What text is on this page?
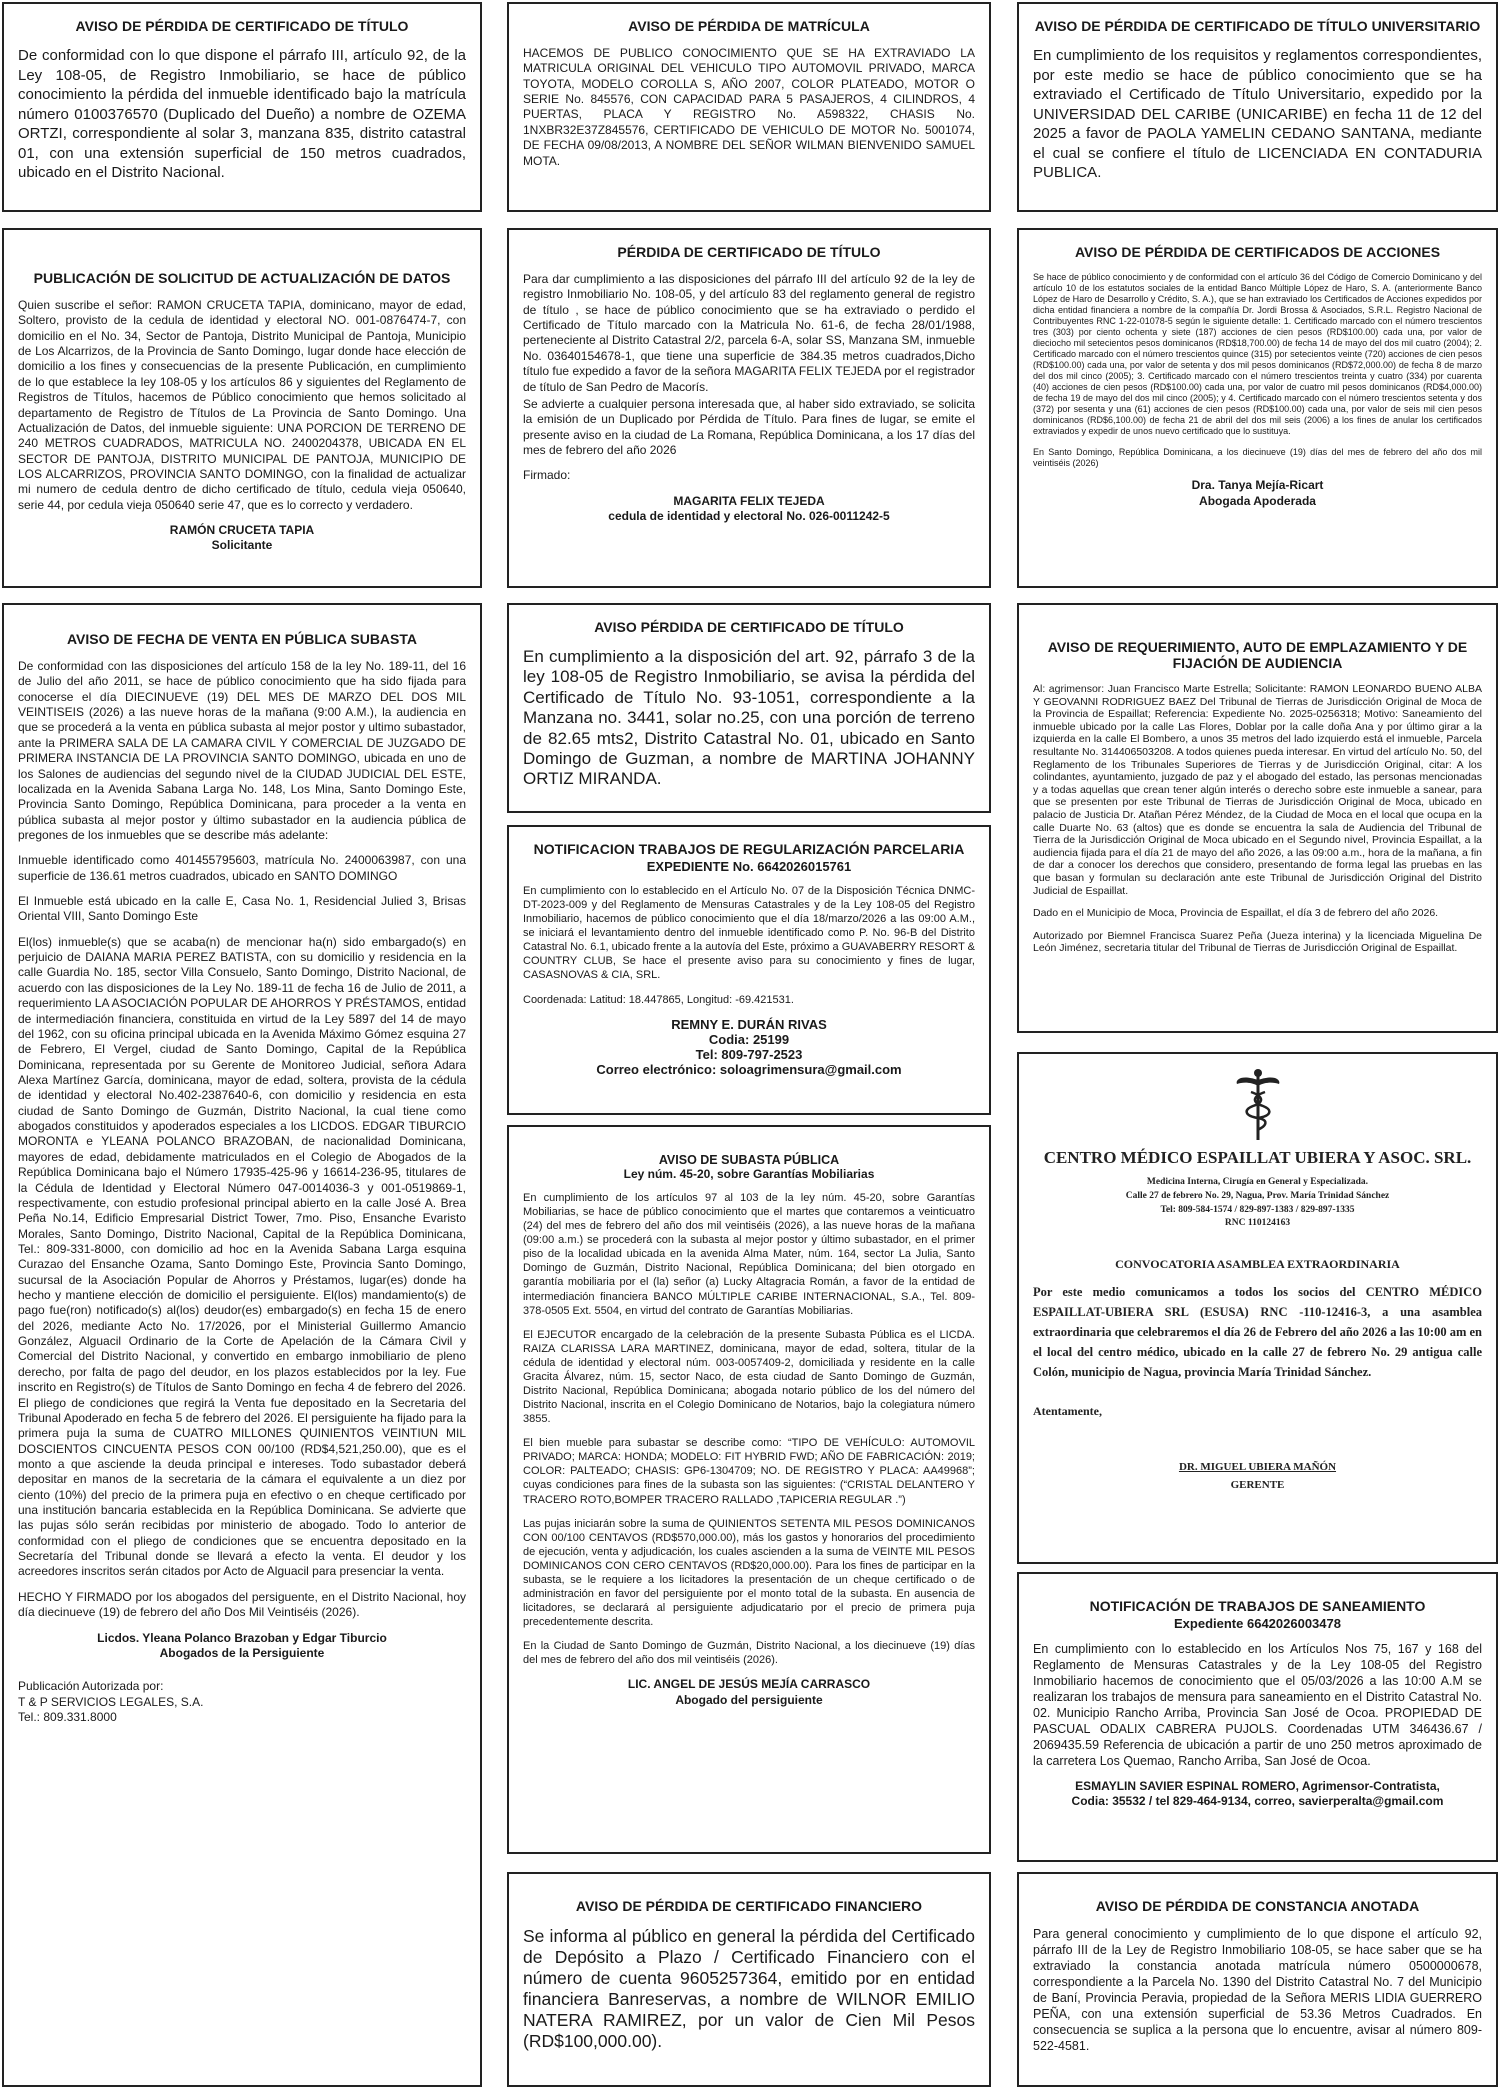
AVISO DE PÉRDIDA DE CERTIFICADO DE TÍTULO
De conformidad con lo que dispone el párrafo III, artículo 92, de la Ley 108-05, de Registro Inmobiliario, se hace de público conocimiento la pérdida del inmueble identificado bajo la matrícula número 0100376570 (Duplicado del Dueño) a nombre de OZEMA ORTZI, correspondiente al solar 3, manzana 835, distrito catastral 01, con una extensión superficial de 150 metros cuadrados, ubicado en el Distrito Nacional.
AVISO DE PÉRDIDA DE MATRÍCULA
HACEMOS DE PUBLICO CONOCIMIENTO QUE SE HA EXTRAVIADO LA MATRICULA ORIGINAL DEL VEHICULO TIPO AUTOMOVIL PRIVADO, MARCA TOYOTA, MODELO COROLLA S, AÑO 2007, COLOR PLATEADO, MOTOR O SERIE No. 845576, CON CAPACIDAD PARA 5 PASAJEROS, 4 CILINDROS, 4 PUERTAS, PLACA Y REGISTRO No. A598322, CHASIS No. 1NXBR32E37Z845576, CERTIFICADO DE VEHICULO DE MOTOR No. 5001074, DE FECHA 09/08/2013, A NOMBRE DEL SEÑOR WILMAN BIENVENIDO SAMUEL MOTA.
AVISO DE PÉRDIDA DE CERTIFICADO DE TÍTULO UNIVERSITARIO
En cumplimiento de los requisitos y reglamentos correspondientes, por este medio se hace de público conocimiento que se ha extraviado el Certificado de Título Universitario, expedido por la UNIVERSIDAD DEL CARIBE (UNICARIBE) en fecha 11 de 12 del 2025 a favor de PAOLA YAMELIN CEDANO SANTANA, mediante el cual se confiere el título de LICENCIADA EN CONTADURIA PUBLICA.
PUBLICACIÓN DE SOLICITUD DE ACTUALIZACIÓN DE DATOS
Quien suscribe el señor: RAMON CRUCETA TAPIA, dominicano, mayor de edad, Soltero, provisto de la cedula de identidad y electoral NO. 001-0876474-7, con domicilio en el No. 34, Sector de Pantoja, Distrito Municipal de Pantoja, Municipio de Los Alcarrizos, de la Provincia de Santo Domingo, lugar donde hace elección de domicilio a los fines y consecuencias de la presente Publicación, en cumplimiento de lo que establece la ley 108-05 y los artículos 86 y siguientes del Reglamento de Registros de Títulos, hacemos de Público conocimiento que hemos solicitado al departamento de Registro de Títulos de La Provincia de Santo Domingo. Una Actualización de Datos, del inmueble siguiente: UNA PORCION DE TERRENO DE 240 METROS CUADRADOS, MATRICULA NO. 2400204378, UBICADA EN EL SECTOR DE PANTOJA, DISTRITO MUNICIPAL DE PANTOJA, MUNICIPIO DE LOS ALCARRIZOS, PROVINCIA SANTO DOMINGO, con la finalidad de actualizar mi numero de cedula dentro de dicho certificado de título, cedula vieja 050640, serie 44, por cedula vieja 050640 serie 47, que es lo correcto y verdadero.
RAMÓN CRUCETA TAPIA
Solicitante
PÉRDIDA DE CERTIFICADO DE TÍTULO
Para dar cumplimiento a las disposiciones del párrafo III del artículo 92 de la ley de registro Inmobiliario No. 108-05, y del artículo 83 del reglamento general de registro de título , se hace de público conocimiento que se ha extraviado o perdido el Certificado de Título marcado con la Matricula No. 61-6, de fecha 28/01/1988, perteneciente al Distrito Catastral 2/2, parcela 6-A, solar SS, Manzana SM, inmueble No. 03640154678-1, que tiene una superficie de 384.35 metros cuadrados,Dicho título fue expedido a favor de la señora MAGARITA FELIX TEJEDA por el registrador de título de San Pedro de Macorís.
Se advierte a cualquier persona interesada que, al haber sido extraviado, se solicita la emisión de un Duplicado por Pérdida de Título. Para fines de lugar, se emite el presente aviso en la ciudad de La Romana, República Dominicana, a los 17 días del mes de febrero del año 2026
Firmado:
MAGARITA FELIX TEJEDA
cedula de identidad y electoral No. 026-0011242-5
AVISO DE PÉRDIDA DE CERTIFICADOS DE ACCIONES
Se hace de público conocimiento y de conformidad con el artículo 36 del Código de Comercio Dominicano y del artículo 10 de los estatutos sociales de la entidad Banco Múltiple López de Haro, S. A. (anteriormente Banco López de Haro de Desarrollo y Crédito, S. A.), que se han extraviado los Certificados de Acciones expedidos por dicha entidad financiera a nombre de la compañía Dr. Jordi Brossa & Asociados, S.R.L. Registro Nacional de Contribuyentes RNC 1-22-01078-5 según le siguiente detalle: 1. Certificado marcado con el número trescientos tres (303) por ciento ochenta y siete (187) acciones de cien pesos (RD$100.00) cada una, por valor de dieciocho mil setecientos pesos dominicanos (RD$18,700.00) de fecha 14 de mayo del dos mil cuatro (2004); 2. Certificado marcado con el número trescientos quince (315) por setecientos veinte (720) acciones de cien pesos (RD$100.00) cada una, por valor de setenta y dos mil pesos dominicanos (RD$72,000.00) de fecha 8 de marzo del dos mil cinco (2005); 3. Certificado marcado con el número trescientos treinta y cuatro (334) por cuarenta (40) acciones de cien pesos (RD$100.00) cada una, por valor de cuatro mil pesos dominicanos (RD$4,000.00) de fecha 19 de mayo del dos mil cinco (2005); y 4. Certificado marcado con el número trescientos setenta y dos (372) por sesenta y una (61) acciones de cien pesos (RD$100.00) cada una, por valor de seis mil cien pesos dominicanos (RD$6,100.00) de fecha 21 de abril del dos mil seis (2006) a los fines de anular los certificados extraviados y expedir de unos nuevo certificado que lo sustituya.
En Santo Domingo, República Dominicana, a los diecinueve (19) días del mes de febrero del año dos mil veintiséis (2026)
Dra. Tanya Mejía-Ricart
Abogada Apoderada
AVISO DE FECHA DE VENTA EN PÚBLICA SUBASTA
De conformidad con las disposiciones del artículo 158 de la ley No. 189-11, del 16 de Julio del año 2011, se hace de público conocimiento que ha sido fijada para conocerse el día DIECINUEVE (19) DEL MES DE MARZO DEL DOS MIL VEINTISEIS (2026) a las nueve horas de la mañana (9:00 A.M.), la audiencia en que se procederá a la venta en pública subasta al mejor postor y ultimo subastador, ante la PRIMERA SALA DE LA CAMARA CIVIL Y COMERCIAL DE JUZGADO DE PRIMERA INSTANCIA DE LA PROVINCIA SANTO DOMINGO, ubicada en uno de los Salones de audiencias del segundo nivel de la CIUDAD JUDICIAL DEL ESTE, localizada en la Avenida Sabana Larga No. 148, Los Mina, Santo Domingo Este, Provincia Santo Domingo, República Dominicana, para proceder a la venta en pública subasta al mejor postor y último subastador en la audiencia pública de pregones de los inmuebles que se describe más adelante:
Inmueble identificado como 401455795603, matrícula No. 2400063987, con una superficie de 136.61 metros cuadrados, ubicado en SANTO DOMINGO
El Inmueble está ubicado en la calle E, Casa No. 1, Residencial Julied 3, Brisas Oriental VIII, Santo Domingo Este
El(los) inmueble(s) que se acaba(n) de mencionar ha(n) sido embargado(s) en perjuicio de DAIANA MARIA PEREZ BATISTA, con su domicilio y residencia en la calle Guardia No. 185, sector Villa Consuelo, Santo Domingo, Distrito Nacional, de acuerdo con las disposiciones de la Ley No. 189-11 de fecha 16 de Julio de 2011, a requerimiento LA ASOCIACIÓN POPULAR DE AHORROS Y PRÉSTAMOS, entidad de intermediación financiera, constituida en virtud de la Ley 5897 del 14 de mayo del 1962, con su oficina principal ubicada en la Avenida Máximo Gómez esquina 27 de Febrero, El Vergel, ciudad de Santo Domingo, Capital de la República Dominicana, representada por su Gerente de Monitoreo Judicial, señora Adara Alexa Martínez García, dominicana, mayor de edad, soltera, provista de la cédula de identidad y electoral No.402-2387640-6, con domicilio y residencia en esta ciudad de Santo Domingo de Guzmán, Distrito Nacional, la cual tiene como abogados constituidos y apoderados especiales a los LICDOS. EDGAR TIBURCIO MORONTA e YLEANA POLANCO BRAZOBAN, de nacionalidad Dominicana, mayores de edad, debidamente matriculados en el Colegio de Abogados de la República Dominicana bajo el Número 17935-425-96 y 16614-236-95, titulares de la Cédula de Identidad y Electoral Número 047-0014036-3 y 001-0519869-1, respectivamente, con estudio profesional principal abierto en la calle José A. Brea Peña No.14, Edificio Empresarial District Tower, 7mo. Piso, Ensanche Evaristo Morales, Santo Domingo, Distrito Nacional, Capital de la República Dominicana, Tel.: 809-331-8000, con domicilio ad hoc en la Avenida Sabana Larga esquina Curazao del Ensanche Ozama, Santo Domingo Este, Provincia Santo Domingo, sucursal de la Asociación Popular de Ahorros y Préstamos, lugar(es) donde ha hecho y mantiene elección de domicilio el persiguiente. El(los) mandamiento(s) de pago fue(ron) notificado(s) al(los) deudor(es) embargado(s) en fecha 15 de enero del 2026, mediante Acto No. 17/2026, por el Ministerial Guillermo Amancio González, Alguacil Ordinario de la Corte de Apelación de la Cámara Civil y Comercial del Distrito Nacional, y convertido en embargo inmobiliario de pleno derecho, por falta de pago del deudor, en los plazos establecidos por la ley. Fue inscrito en Registro(s) de Títulos de Santo Domingo en fecha 4 de febrero del 2026. El pliego de condiciones que regirá la Venta fue depositado en la Secretaria del Tribunal Apoderado en fecha 5 de febrero del 2026. El persiguiente ha fijado para la primera puja la suma de CUATRO MILLONES QUINIENTOS VEINTIUN MIL DOSCIENTOS CINCUENTA PESOS CON 00/100 (RD$4,521,250.00), que es el monto a que asciende la deuda principal e intereses. Todo subastador deberá depositar en manos de la secretaria de la cámara el equivalente a un diez por ciento (10%) del precio de la primera puja en efectivo o en cheque certificado por una institución bancaria establecida en la República Dominicana. Se advierte que las pujas sólo serán recibidas por ministerio de abogado. Todo lo anterior de conformidad con el pliego de condiciones que se encuentra depositado en la Secretaría del Tribunal donde se llevará a efecto la venta. El deudor y los acreedores inscritos serán citados por Acto de Alguacil para presenciar la venta.
HECHO Y FIRMADO por los abogados del persiguente, en el Distrito Nacional, hoy día diecinueve (19) de febrero del año Dos Mil Veintiséis (2026).
Licdos. Yleana Polanco Brazoban y Edgar Tiburcio
Abogados de la Persiguiente
Publicación Autorizada por:
T & P SERVICIOS LEGALES, S.A.
Tel.: 809.331.8000
AVISO PÉRDIDA DE CERTIFICADO DE TÍTULO
En cumplimiento a la disposición del art. 92, párrafo 3 de la ley 108-05 de Registro Inmobiliario, se avisa la pérdida del Certificado de Título No. 93-1051, correspondiente a la Manzana no. 3441, solar no.25, con una porción de terreno de 82.65 mts2, Distrito Catastral No. 01, ubicado en Santo Domingo de Guzman, a nombre de MARTINA JOHANNY ORTIZ MIRANDA.
NOTIFICACION TRABAJOS DE REGULARIZACIÓN PARCELARIA
EXPEDIENTE No. 6642026015761
En cumplimiento con lo establecido en el Artículo No. 07 de la Disposición Técnica DNMC-DT-2023-009 y del Reglamento de Mensuras Catastrales y de la Ley 108-05 del Registro Inmobiliario, hacemos de público conocimiento que el día 18/marzo/2026 a las 09:00 A.M., se iniciará el levantamiento dentro del inmueble identificado como P. No. 96-B del Distrito Catastral No. 6.1, ubicado frente a la autovía del Este, próximo a GUAVABERRY RESORT & COUNTRY CLUB, Se hace el presente aviso para su conocimiento y fines de lugar, CASASNOVAS & CIA, SRL.
Coordenada: Latitud: 18.447865, Longitud: -69.421531.
REMNY E. DURÁN RIVAS
Codia: 25199
Tel: 809-797-2523
Correo electrónico: soloagrimensura@gmail.com
AVISO DE SUBASTA PÚBLICA
Ley núm. 45-20, sobre Garantías Mobiliarias
En cumplimiento de los artículos 97 al 103 de la ley núm. 45-20, sobre Garantías Mobiliarias, se hace de público conocimiento que el martes que contaremos a veinticuatro (24) del mes de febrero del año dos mil veintiséis (2026), a las nueve horas de la mañana (09:00 a.m.) se procederá con la subasta al mejor postor y último subastador, en el primer piso de la localidad ubicada en la avenida Alma Mater, núm. 164, sector La Julia, Santo Domingo de Guzmán, Distrito Nacional, República Dominicana; del bien otorgado en garantía mobiliaria por el (la) señor (a) Lucky Altagracia Román, a favor de la entidad de intermediación financiera BANCO MÚLTIPLE CARIBE INTERNACIONAL, S.A., Tel. 809-378-0505 Ext. 5504, en virtud del contrato de Garantías Mobiliarias.
El EJECUTOR encargado de la celebración de la presente Subasta Pública es el LICDA. RAIZA CLARISSA LARA MARTINEZ, dominicana, mayor de edad, soltera, titular de la cédula de identidad y electoral núm. 003-0057409-2, domiciliada y residente en la calle Gracita Álvarez, núm. 15, sector Naco, de esta ciudad de Santo Domingo de Guzmán, Distrito Nacional, República Dominicana; abogada notario público de los del número del Distrito Nacional, inscrita en el Colegio Dominicano de Notarios, bajo la colegiatura número 3855.
El bien mueble para subastar se describe como: “TIPO DE VEHÍCULO: AUTOMOVIL PRIVADO; MARCA: HONDA; MODELO: FIT HYBRID FWD; AÑO DE FABRICACIÓN: 2019; COLOR: PALTEADO; CHASIS: GP6-1304709; NO. DE REGISTRO Y PLACA: AA49968”; cuyas condiciones para fines de la subasta son las siguientes: (“CRISTAL DELANTERO Y TRACERO ROTO,BOMPER TRACERO RALLADO ,TAPICERIA REGULAR .”)
Las pujas iniciarán sobre la suma de QUINIENTOS SETENTA MIL PESOS DOMINICANOS CON 00/100 CENTAVOS (RD$570,000.00), más los gastos y honorarios del procedimiento de ejecución, venta y adjudicación, los cuales ascienden a la suma de VEINTE MIL PESOS DOMINICANOS CON CERO CENTAVOS (RD$20,000.00). Para los fines de participar en la subasta, se le requiere a los licitadores la presentación de un cheque certificado o de administración en favor del persiguiente por el monto total de la subasta. En ausencia de licitadores, se declarará al persiguiente adjudicatario por el precio de primera puja precedentemente descrita.
En la Ciudad de Santo Domingo de Guzmán, Distrito Nacional, a los diecinueve (19) días del mes de febrero del año dos mil veintiséis (2026).
LIC. ANGEL DE JESÚS MEJÍA CARRASCO
Abogado del persiguiente
AVISO DE PÉRDIDA DE CERTIFICADO FINANCIERO
Se informa al público en general la pérdida del Certificado de Depósito a Plazo / Certificado Financiero con el número de cuenta 9605257364, emitido por en entidad financiera Banreservas, a nombre de WILNOR EMILIO NATERA RAMIREZ, por un valor de Cien Mil Pesos (RD$100,000.00).
AVISO DE REQUERIMIENTO, AUTO DE EMPLAZAMIENTO Y DE FIJACIÓN DE AUDIENCIA
Al: agrimensor: Juan Francisco Marte Estrella; Solicitante: RAMON LEONARDO BUENO ALBA Y GEOVANNI RODRIGUEZ BAEZ Del Tribunal de Tierras de Jurisdicción Original de Moca de la Provincia de Espaillat; Referencia: Expediente No. 2025-0256318; Motivo: Saneamiento del inmueble ubicado por la calle Las Flores, Doblar por la calle doña Ana y por último girar a la izquierda en la calle El Bombero, a unos 35 metros del lado izquierdo está el inmueble, Parcela resultante No. 314406503208. A todos quienes pueda interesar. En virtud del artículo No. 50, del Reglamento de los Tribunales Superiores de Tierras y de Jurisdicción Original, citar: A los colindantes, ayuntamiento, juzgado de paz y el abogado del estado, las personas mencionadas y a todas aquellas que crean tener algún interés o derecho sobre este inmueble a sanear, para que se presenten por este Tribunal de Tierras de Jurisdicción Original de Moca, ubicado en palacio de Justicia Dr. Atañan Pérez Méndez, de la Ciudad de Moca en el local que ocupa en la calle Duarte No. 63 (altos) que es donde se encuentra la sala de Audiencia del Tribunal de Tierra de la Jurisdicción Original de Moca ubicado en el Segundo nivel, Provincia Espaillat, a la audiencia fijada para el día 21 de mayo del año 2026, a las 09:00 a.m., hora de la mañana, a fin de dar a conocer los derechos que considero, presentando de forma legal las pruebas en las que basan y formulan su declaración ante este Tribunal de Jurisdicción Original del Distrito Judicial de Espaillat.
Dado en el Municipio de Moca, Provincia de Espaillat, el día 3 de febrero del año 2026.
Autorizado por Biemnel Francisca Suarez Peña (Jueza interina) y la licenciada Miguelina De León Jiménez, secretaria titular del Tribunal de Tierras de Jurisdicción Original de Espaillat.
CENTRO MÉDICO ESPAILLAT UBIERA Y ASOC. SRL.
Medicina Interna, Cirugía en General y Especializada.
Calle 27 de febrero No. 29, Nagua, Prov. María Trinidad Sánchez
Tel: 809-584-1574 / 829-897-1383 / 829-897-1335
RNC 110124163
CONVOCATORIA ASAMBLEA EXTRAORDINARIA
Por este medio comunicamos a todos los socios del CENTRO MÉDICO ESPAILLAT-UBIERA SRL (ESUSA) RNC -110-12416-3, a una asamblea extraordinaria que celebraremos el día 26 de Febrero del año 2026 a las 10:00 am en el local del centro médico, ubicado en la calle 27 de febrero No. 29 antigua calle Colón, municipio de Nagua, provincia María Trinidad Sánchez.
Atentamente,
DR. MIGUEL UBIERA MAÑÓN
GERENTE
NOTIFICACIÓN DE TRABAJOS DE SANEAMIENTO
Expediente 6642026003478
En cumplimiento con lo establecido en los Artículos Nos 75, 167 y 168 del Reglamento de Mensuras Catastrales y de la Ley 108-05 del Registro Inmobiliario hacemos de conocimiento que el 05/03/2026 a las 10:00 A.M se realizaran los trabajos de mensura para saneamiento en el Distrito Catastral No. 02. Municipio Rancho Arriba, Provincia San José de Ocoa. PROPIEDAD DE PASCUAL ODALIX CABRERA PUJOLS. Coordenadas UTM 346436.67 / 2069435.59 Referencia de ubicación a partir de uno 250 metros aproximado de la carretera Los Quemao, Rancho Arriba, San José de Ocoa.
ESMAYLIN SAVIER ESPINAL ROMERO, Agrimensor-Contratista,
Codia: 35532 / tel 829-464-9134, correo, savierperalta@gmail.com
AVISO DE PÉRDIDA DE CONSTANCIA ANOTADA
Para general conocimiento y cumplimiento de lo que dispone el artículo 92, párrafo III de la Ley de Registro Inmobiliario 108-05, se hace saber que se ha extraviado la constancia anotada matrícula número 0500000678, correspondiente a la Parcela No. 1390 del Distrito Catastral No. 7 del Municipio de Baní, Provincia Peravia, propiedad de la Señora MERIS LIDIA GUERRERO PEÑA, con una extensión superficial de 53.36 Metros Cuadrados. En consecuencia se suplica a la persona que lo encuentre, avisar al número 809-522-4581.
